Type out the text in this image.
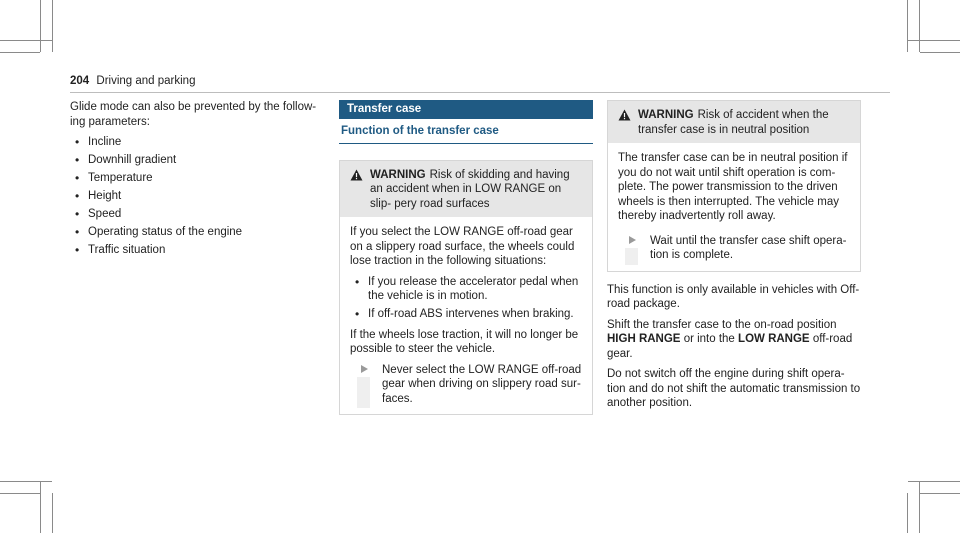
204 Driving and parking

Glide mode can also be prevented by the follow- ing parameters:

• Incline
• Downhill gradient
• Temperature
• Height
• Speed
• Operating status of the engine
• Traffic situation
Transfer case
Function of the transfer case
WARNING Risk of skidding and having an accident when in LOW RANGE on slip- pery road surfaces

If you select the LOW RANGE off-road gear on a slippery road surface, the wheels could lose traction in the following situations:

• If you release the accelerator pedal when the vehicle is in motion.
• If off-road ABS intervenes when braking.

If the wheels lose traction, it will no longer be possible to steer the vehicle.

Never select the LOW RANGE off-road gear when driving on slippery road sur- faces.
WARNING Risk of accident when the transfer case is in neutral position

The transfer case can be in neutral position if you do not wait until shift operation is com- plete. The power transmission to the driven wheels is then interrupted. The vehicle may thereby inadvertently roll away.

Wait until the transfer case shift opera- tion is complete.

This function is only available in vehicles with Off-road package.

Shift the transfer case to the on-road position HIGH RANGE or into the LOW RANGE off-road gear.

Do not switch off the engine during shift opera- tion and do not shift the automatic transmission to another position.
